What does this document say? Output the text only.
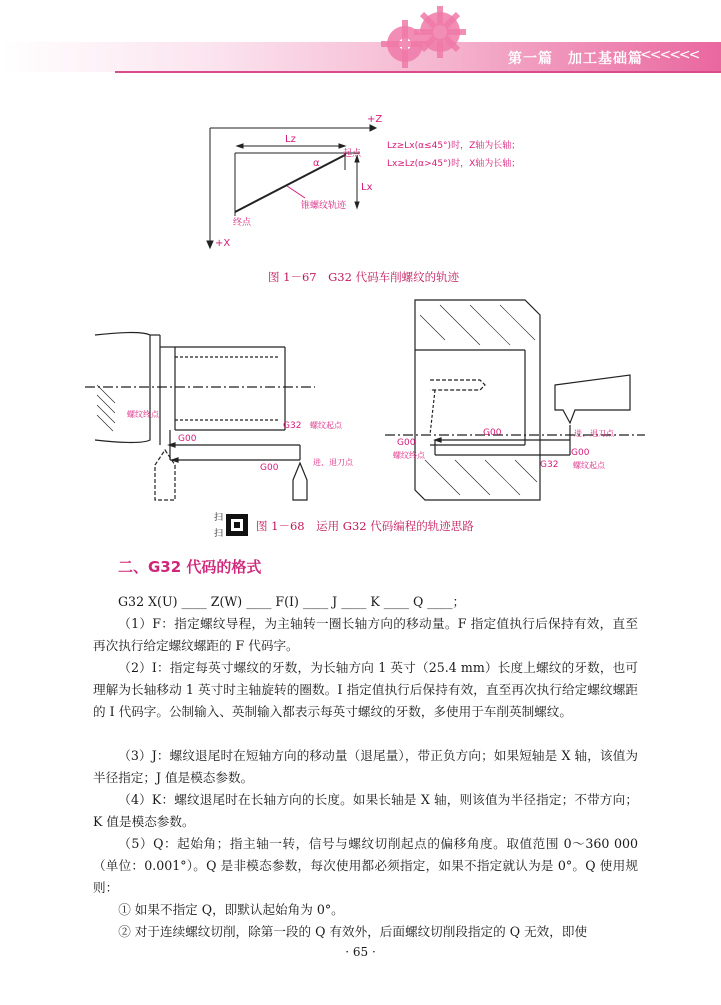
第一篇　加工基础篇
<<<<<<
+Z
+X
Lz
Lx
α
起点
终点
锥螺纹轨迹
Lz≥Lx(α≤45°)时，Z轴为长轴；
Lx≥Lz(α>45°)时，X轴为长轴；
图 1－67　G32 代码车削螺纹的轨迹
G32
G00
G00
螺纹终点
螺纹起点
进、退刀点
G00
G00
G00
G32
螺纹终点
进、退刀点
螺纹起点
扫
扫
图 1－68　运用 G32 代码编程的轨迹思路
二、G32 代码的格式

G32 X(U) ____ Z(W) ____ F(I) ____ J ____ K ____ Q ____；

（1）F：指定螺纹导程，为主轴转一圈长轴方向的移动量。F 指定值执行后保持有效，直至再次执行给定螺纹螺距的 F 代码字。

（2）I：指定每英寸螺纹的牙数，为长轴方向 1 英寸（25.4 mm）长度上螺纹的牙数，也可理解为长轴移动 1 英寸时主轴旋转的圈数。I 指定值执行后保持有效，直至再次执行给定螺纹螺距的 I 代码字。公制输入、英制输入都表示每英寸螺纹的牙数，多使用于车削英制螺纹。

（3）J：螺纹退尾时在短轴方向的移动量（退尾量），带正负方向；如果短轴是 X 轴，该值为半径指定；J 值是模态参数。

（4）K：螺纹退尾时在长轴方向的长度。如果长轴是 X 轴，则该值为半径指定；不带方向；K 值是模态参数。

（5）Q：起始角；指主轴一转，信号与螺纹切削起点的偏移角度。取值范围 0～360 000（单位：0.001°）。Q 是非模态参数，每次使用都必须指定，如果不指定就认为是 0°。Q 使用规则：

① 如果不指定 Q，即默认起始角为 0°。

② 对于连续螺纹切削，除第一段的 Q 有效外，后面螺纹切削段指定的 Q 无效，即使

· 65 ·
